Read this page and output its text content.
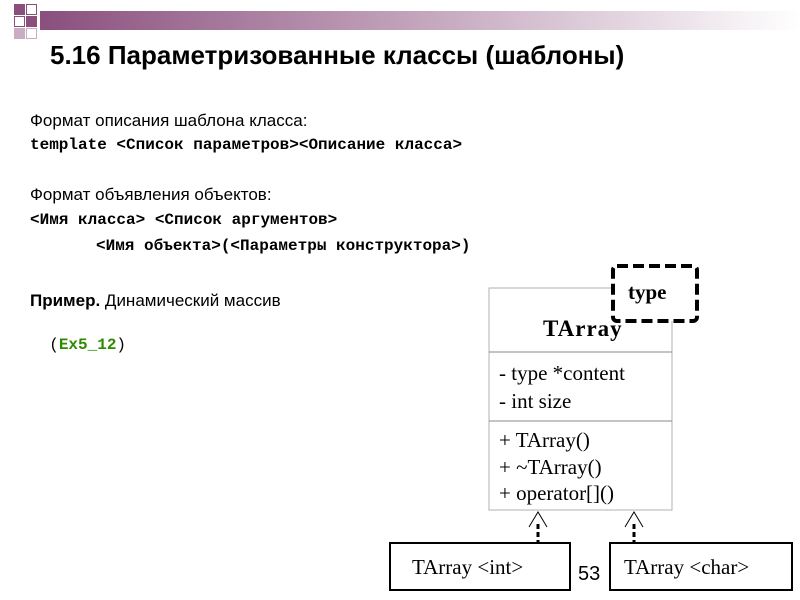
5.16 Параметризованные классы (шаблоны)
Формат описания шаблона класса:
template <Список параметров><Описание класса>
Формат объявления объектов:
<Имя класса> <Список аргументов>
<Имя объекта>(<Параметры конструктора>)
Пример. Динамический массив

(Ex5_12)

type
TArray
- type *content
- int size
+ TArray()
+ ~TArray()
+ operator[]()
TArray <int>	TArray <char>
53
